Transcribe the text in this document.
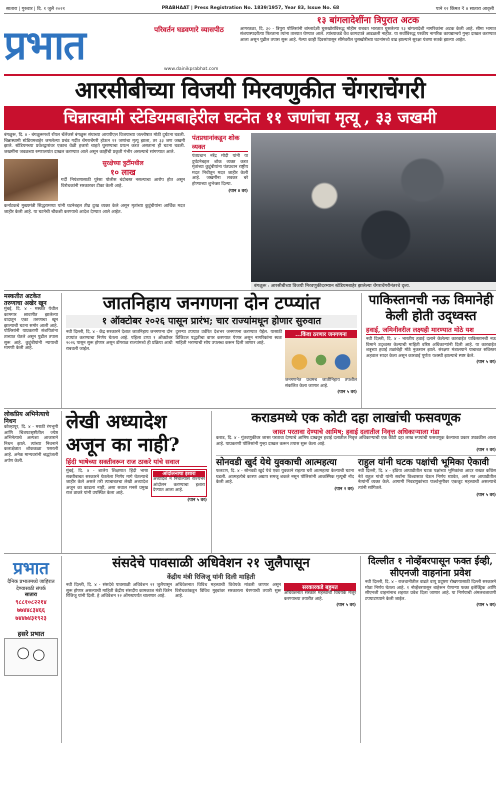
सातारा | गुरुवार | दि. १ जुलै २०२१	PRABHAAT | Press Registration No. 1839/1957, Year 83, Issue No. 68	पाने १२ किंमत ₹ ४ सातारा आवृत्ती
प्रभात	परिवर्तन घडवणारे व्यासपीठ
www.dainikprabhat.com
१३ बांगलादेशींना त्रिपुरात अटक
आगरतळा, दि. ३० - त्रिपुरा पोलिसांनी बांग्लादेशी घुसखोरांविरुद्ध मोहीम राबवत भारतात घुसलेल्या १३ बांगलादेशी नागरिकांना अटक केली आहे. सीमा भागात संशयास्पदरीत्या फिरताना त्यांना ताब्यात घेण्यात आले. त्यांच्याकडे वैध कागदपत्रे आढळली नाहीत. या सर्वांविरुद्ध परकीय नागरिक कायद्यान्वये गुन्हा दाखल करण्यात आला असून पुढील तपास सुरू आहे. गेल्या काही दिवसांपासून सीमेवरील घुसखोरीच्या घटनांमध्ये वाढ झाल्याने सुरक्षा यंत्रणा सतर्क झाल्या आहेत.
आरसीबीच्या विजयी मिरवणुकीत चेंगराचेंगरी
चिन्नास्वामी स्टेडियमबाहेरील घटनेत ११ जणांचा मृत्यू , ३३ जखमी
बंगळुरू, दि. ४ - बंगळुरूमध्ये रॉयल चॅलेंजर्स बंगळुरू संघाच्या आयपीएल विजयाच्या जल्लोषात मोठी दुर्घटना घडली. चिन्नास्वामी स्टेडियमबाहेर जमलेल्या प्रचंड गर्दीत चेंगराचेंगरी होऊन ११ जणांचा मृत्यू झाला, तर ३३ जण जखमी झाले. स्टेडियमच्या प्रवेशद्वारांवर एकाच वेळी हजारो चाहते घुसण्याचा प्रयत्न करत असताना ही घटना घडली. जखमींना जवळच्या रुग्णालयांत दाखल करण्यात आले असून काहींची प्रकृती गंभीर असल्याचे सांगण्यात आले.
सुरक्षेच्या त्रुटींमधील
१० लाख
गर्दी नियंत्रणासाठी पुरेसा पोलीस बंदोबस्त नसल्याचा आरोप होत असून विरोधकांनी सरकारवर टीका केली आहे.
कर्नाटकचे मुख्यमंत्री सिद्धरामय्या यांनी घटनेबद्दल तीव्र दुःख व्यक्त केले असून मृतांच्या कुटुंबीयांना आर्थिक मदत जाहीर केली आहे. या घटनेची चौकशी करण्याचे आदेश देण्यात आले आहेत.
पंतप्रधानांकडून शोक व्यक्त
पंतप्रधान नरेंद्र मोदी यांनी या दुर्घटनेबद्दल शोक व्यक्त करत मृतांच्या कुटुंबीयांना पंतप्रधान राष्ट्रीय मदत निधीतून मदत जाहीर केली आहे. जखमींना लवकर बरे होण्याच्या शुभेच्छा दिल्या.
(पान ४ वर)
बंगळुरू : आरसीबीच्या विजयी मिरवणुकीदरम्यान स्टेडियमबाहेर झालेल्या चेंगराचेंगरीनंतरचे दृश्य.
मस्कतीत अटकेत तरुणाचा अखेर खून
मुंबई, दि. ४ - मस्कत येथील कामगार छावणीत झालेल्या वादातून एका तरुणाचा खून झाल्याची घटना समोर आली आहे. पोलिसांनी याप्रकरणी संशयितांना ताब्यात घेतले असून पुढील तपास सुरू आहे. कुटुंबीयांनी न्यायाची मागणी केली आहे.
जातनिहाय जनगणना दोन टप्प्यांत
१ ऑक्टोबर २०२६ पासून प्रारंभ; चार राज्यांमधून होणार सुरुवात
नवी दिल्ली, दि. ४ - केंद्र सरकारने देशात जातनिहाय जनगणना दोन टप्प्यांत करण्याचा निर्णय घेतला आहे. पहिला टप्पा १ ऑक्टोबर २०२६ पासून सुरू होणार असून डोंगराळ राज्यांमध्ये ही प्रक्रिया आधी राबवली जाईल.
दुसऱ्या टप्प्यात उर्वरित देशभर जनगणना करण्यात येईल. यासाठी डिजिटल पद्धतीचा वापर करण्यात येणार असून नागरिकांना स्वतः माहिती भरण्याची सोय उपलब्ध करून दिली जाणार आहे.
...किंवा ठरणार जनगणना
जनगणनेत प्रथमच जातीनिहाय तपशील संकलित केला जाणार आहे.
(पान ५ वर)
पाकिस्तानची नऊ विमानेही केली होती उद्ध्वस्त
हवाई, जमिनीवरील लक्ष्यही मारण्यात मोठे यश
नवी दिल्ली, दि. ४ - भारतीय हवाई दलाने केलेल्या कारवाईत पाकिस्तानची नऊ विमाने उद्ध्वस्त केल्याची माहिती वरिष्ठ अधिकाऱ्यांनी दिली आहे. या कारवाईत शत्रूच्या हवाई तळांचेही मोठे नुकसान झाले. संरक्षण मंत्रालयाने याबाबत सविस्तर अहवाल सादर केला असून कारवाई पूर्णतः यशस्वी झाल्याचे स्पष्ट केले.
(पान ५ वर)
लोकप्रिय अभिनेत्याचे निधन
कोल्हापूर, दि. ४ - मराठी रंगभूमी आणि चित्रपटसृष्टीतील ज्येष्ठ अभिनेत्याचे अल्पशा आजाराने निधन झाले. त्यांच्या निधनाने कलाक्षेत्रात शोककळा पसरली आहे. अनेक मान्यवरांनी श्रद्धांजली अर्पण केली.
लेखी अध्यादेश अजून का नाही?
हिंदी भाषेच्या सक्तीवरून राज ठाकरे यांचे सवाल
मुंबई, दि. ४ - शालेय शिक्षणात हिंदी भाषा सक्तीबाबत सरकारने घेतलेला निर्णय मागे घेतल्याचे जाहीर केले असले तरी त्याबाबतचा लेखी अध्यादेश अजून का काढला नाही, असा सवाल मनसे प्रमुख राज ठाकरे यांनी उपस्थित केला आहे.
आंदोलनाचा इशारा
अध्यादेश न निघाल्यास राज्यभर आंदोलन करण्याचा इशारा देण्यात आला आहे.
(पान ५ वर)
कराडमध्ये एक कोटी दहा लाखांची फसवणूक
जास्त परतावा देण्याचे आमिष; हवाई दलातील निवृत्त अधिकाऱ्याला गंडा
कराड, दि. ४ - गुंतवणुकीवर जास्त परतावा देण्याचे आमिष दाखवून हवाई दलातील निवृत्त अधिकाऱ्याची एक कोटी दहा लाख रुपयांची फसवणूक केल्याचा प्रकार उघडकीस आला आहे. याप्रकरणी पोलिसांनी गुन्हा दाखल करून तपास सुरू केला आहे.
(पान २ वर)
सोनवडी खुर्द येथे युवकाची आत्महत्या
फलटण, दि. ४ - सोनवडी खुर्द येथे एका युवकाने राहत्या घरी आत्महत्या केल्याची घटना घडली. आत्महत्येचे कारण अद्याप समजू शकले नसून पोलिसांनी आकस्मिक मृत्यूची नोंद केली आहे.
(पान २ वर)
राहुल यांनी घटक पक्षांची भूमिका ऐकावी
नवी दिल्ली, दि. ४ - इंडिया आघाडीतील घटक पक्षांच्या भूमिकांचा आदर राखत काँग्रेस नेते राहुल गांधी यांनी सर्वांना विश्वासात घेऊन निर्णय घ्यावेत, असे मत आघाडीतील नेत्यांनी व्यक्त केले. आगामी निवडणुकांच्या पार्श्वभूमीवर एकजूट महत्त्वाची असल्याचे त्यांनी सांगितले.
(पान ५ वर)
प्रभात
दैनिक प्रभातमध्ये जाहिरात देण्यासाठी संपर्क
सातारा
९८८१०८२२१४
७७४४८३४६६
७४४७४३१९२३
हसरे प्रभात
संसदेचे पावसाळी अधिवेशन २१ जुलैपासून
केंद्रीय मंत्री रिजिजू यांनी दिली माहिती
नवी दिल्ली, दि. ४ - संसदेचे पावसाळी अधिवेशन २१ जुलैपासून सुरू होणार असल्याची माहिती केंद्रीय संसदीय कामकाज मंत्री किरेन रिजिजू यांनी दिली. हे अधिवेशन १२ ऑगस्टपर्यंत चालणार आहे.
अधिवेशनात विविध महत्त्वाची विधेयके मांडली जाणार असून विरोधकांकडून विविध मुद्द्यांवर सरकारला घेरण्याची तयारी सुरू आहे.
सरकारकडे बहुमत
अधिवेशनात सरकार महत्त्वाची विधेयके मंजूर करण्याच्या तयारीत आहे.
(पान ५ वर)
दिल्लीत १ नोव्हेंबरपासून फक्त ईव्ही, सीएनजी वाहनांना प्रवेश
नवी दिल्ली, दि. ४ - राजधानीतील वाढते वायू प्रदूषण रोखण्यासाठी दिल्ली सरकारने मोठा निर्णय घेतला आहे. १ नोव्हेंबरपासून बाहेरून येणाऱ्या फक्त इलेक्ट्रिक आणि सीएनजी वाहनांनाच शहरात प्रवेश दिला जाणार आहे. या निर्णयाची अंमलबजावणी टप्प्याटप्प्याने केली जाईल.
(पान ५ वर)
